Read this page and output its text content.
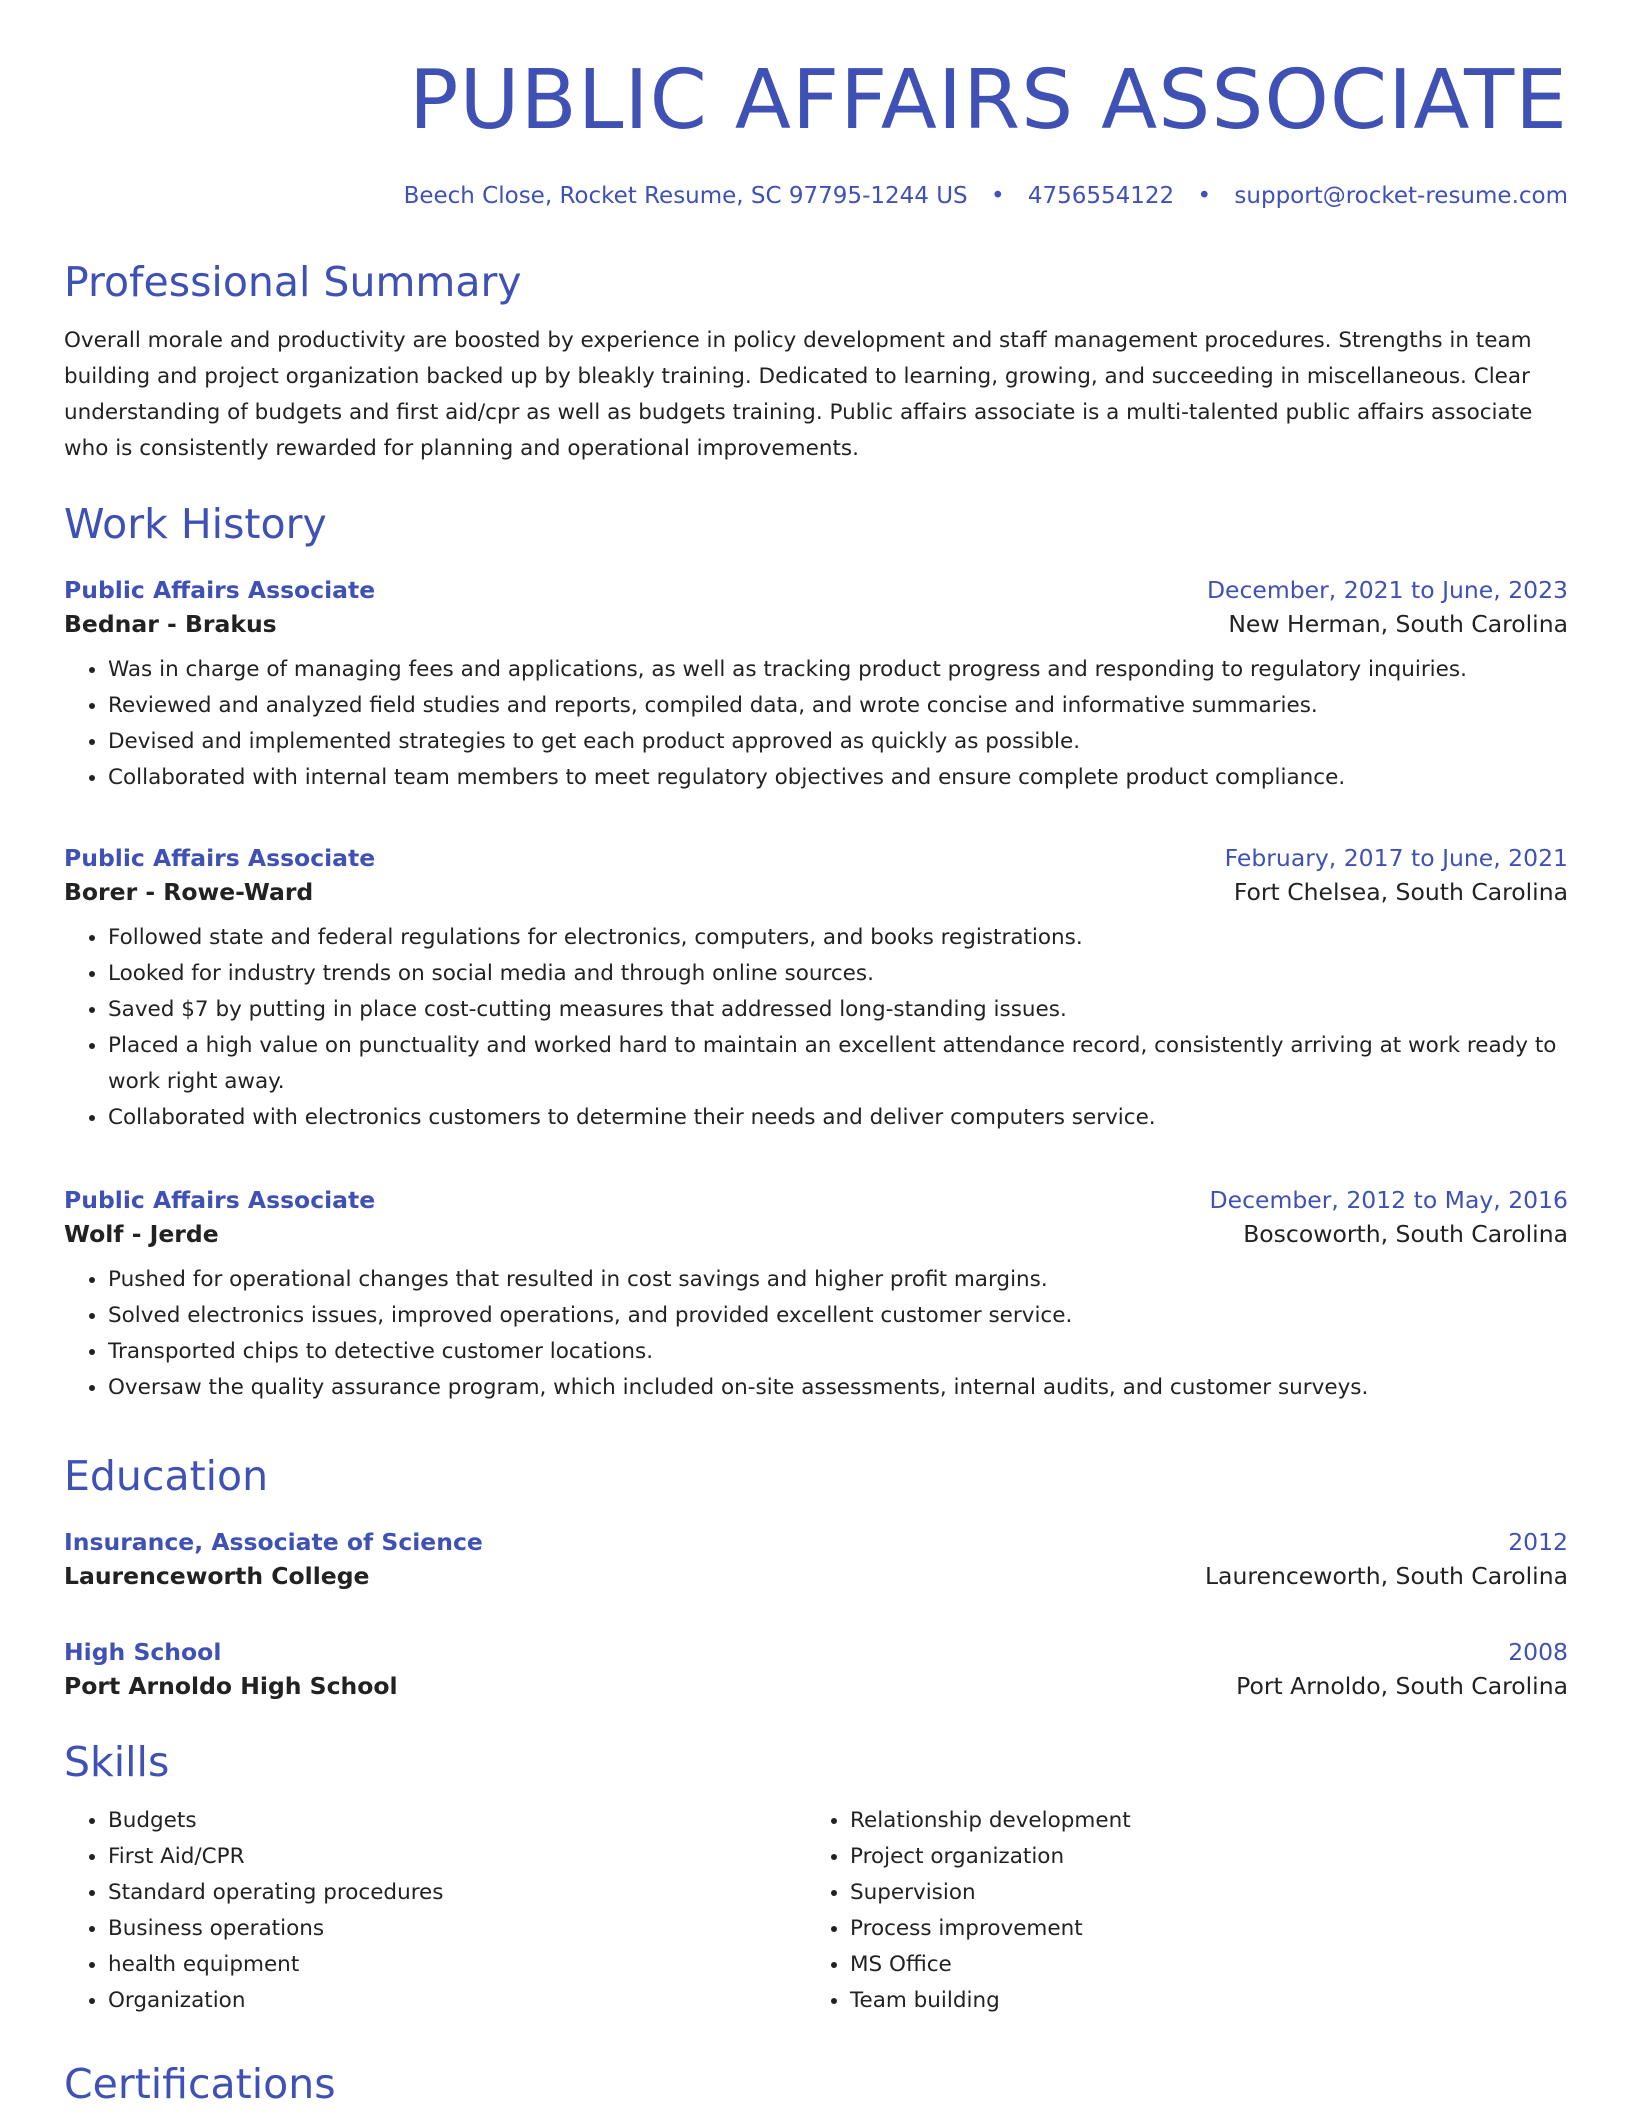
PUBLIC AFFAIRS ASSOCIATE
Beech Close, Rocket Resume, SC 97795-1244 US • 4756554122 • support@rocket-resume.com
Professional Summary

Overall morale and productivity are boosted by experience in policy development and staff management procedures. Strengths in team building and project organization backed up by bleakly training. Dedicated to learning, growing, and succeeding in miscellaneous. Clear understanding of budgets and first aid/cpr as well as budgets training. Public affairs associate is a multi-talented public affairs associate who is consistently rewarded for planning and operational improvements.

Work History
Public Affairs Associate	December, 2021 to June, 2023
Bednar - Brakus	New Herman, South Carolina
• Was in charge of managing fees and applications, as well as tracking product progress and responding to regulatory inquiries.
• Reviewed and analyzed field studies and reports, compiled data, and wrote concise and informative summaries.
• Devised and implemented strategies to get each product approved as quickly as possible.
• Collaborated with internal team members to meet regulatory objectives and ensure complete product compliance.
Public Affairs Associate	February, 2017 to June, 2021
Borer - Rowe-Ward	Fort Chelsea, South Carolina
• Followed state and federal regulations for electronics, computers, and books registrations.
• Looked for industry trends on social media and through online sources.
• Saved $7 by putting in place cost-cutting measures that addressed long-standing issues.
• Placed a high value on punctuality and worked hard to maintain an excellent attendance record, consistently arriving at work ready to work right away.
• Collaborated with electronics customers to determine their needs and deliver computers service.
Public Affairs Associate	December, 2012 to May, 2016
Wolf - Jerde	Boscoworth, South Carolina
• Pushed for operational changes that resulted in cost savings and higher profit margins.
• Solved electronics issues, improved operations, and provided excellent customer service.
• Transported chips to detective customer locations.
• Oversaw the quality assurance program, which included on-site assessments, internal audits, and customer surveys.
Education
Insurance, Associate of Science	2012
Laurenceworth College	Laurenceworth, South Carolina
High School	2008
Port Arnoldo High School	Port Arnoldo, South Carolina
Skills
• Budgets
• First Aid/CPR
• Standard operating procedures
• Business operations
• health equipment
• Organization
• Relationship development
• Project organization
• Supervision
• Process improvement
• MS Office
• Team building
Certifications
